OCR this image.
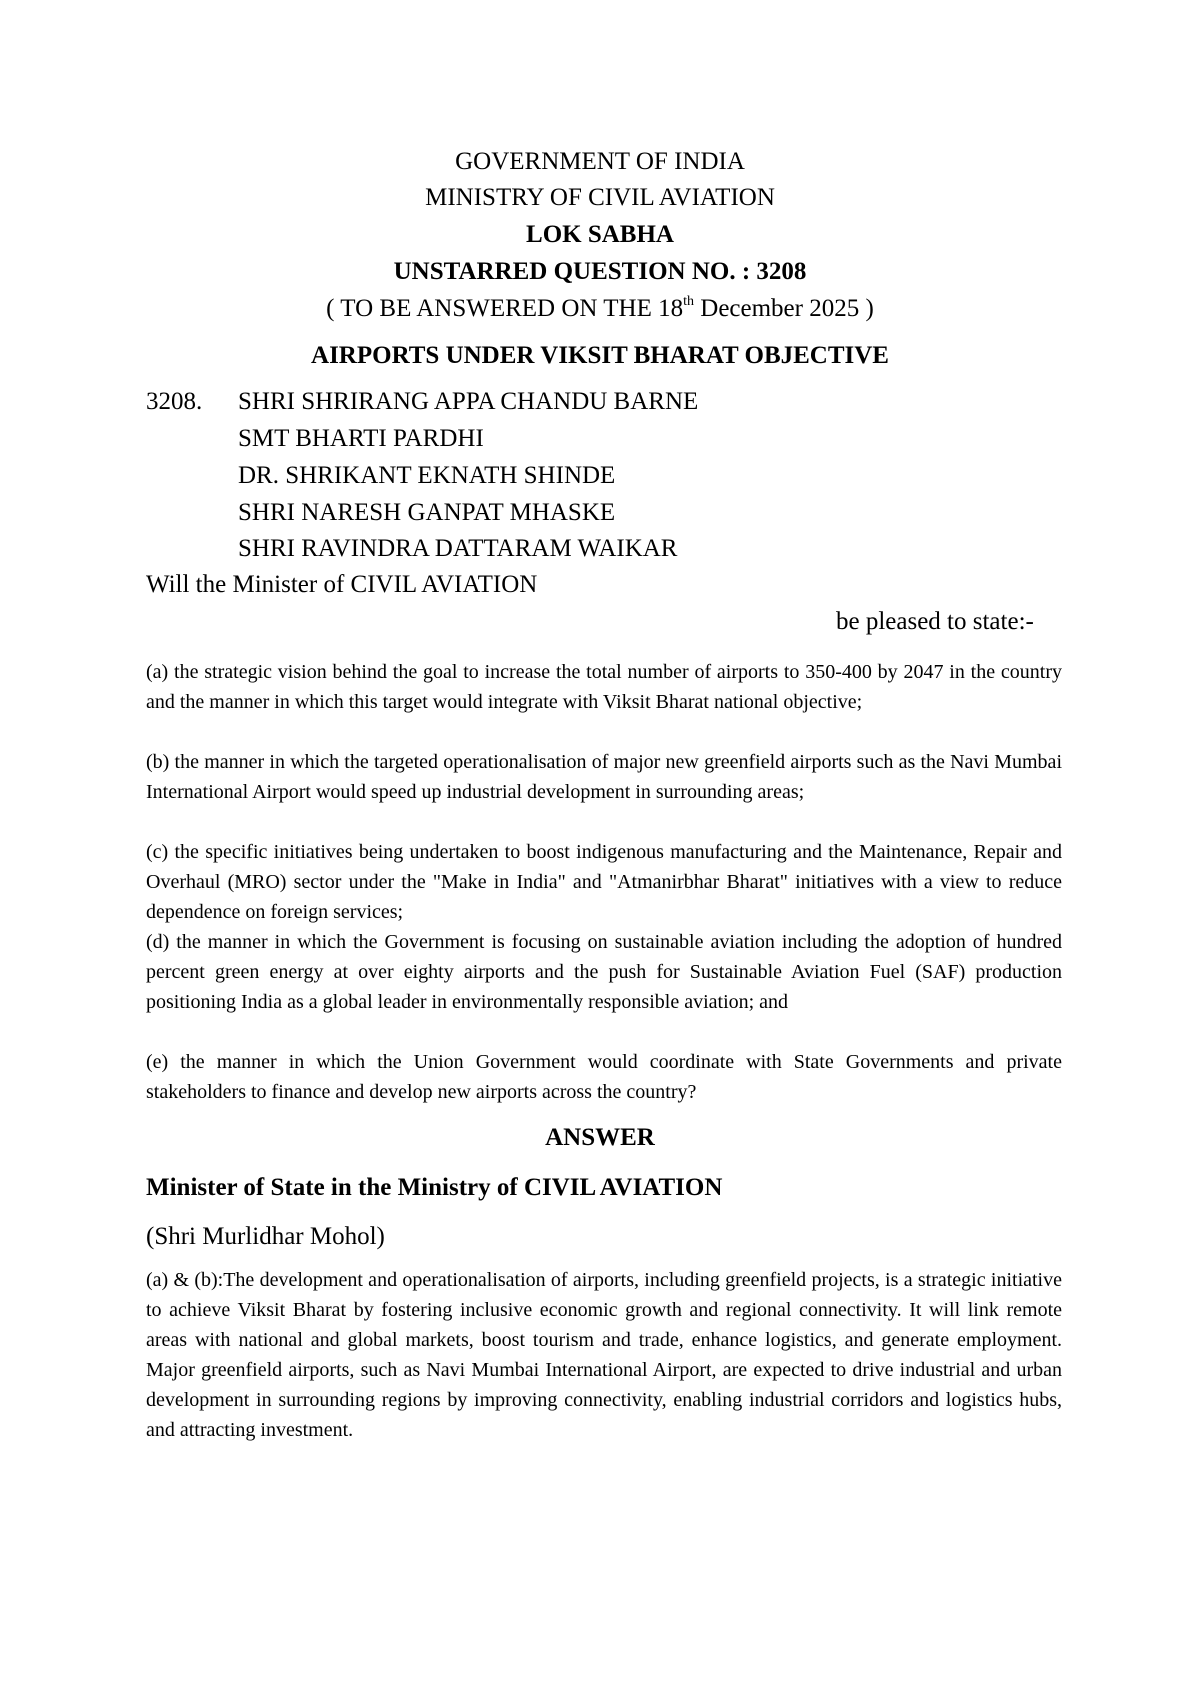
GOVERNMENT OF INDIA
MINISTRY OF CIVIL AVIATION
LOK SABHA
UNSTARRED QUESTION NO. : 3208
( TO BE ANSWERED ON THE 18th December 2025 )
AIRPORTS UNDER VIKSIT BHARAT OBJECTIVE
3208. SHRI SHRIRANG APPA CHANDU BARNE
SMT BHARTI PARDHI
DR. SHRIKANT EKNATH SHINDE
SHRI NARESH GANPAT MHASKE
SHRI RAVINDRA DATTARAM WAIKAR
Will the Minister of CIVIL AVIATION
be pleased to state:-
(a) the strategic vision behind the goal to increase the total number of airports to 350-400 by 2047 in the country and the manner in which this target would integrate with Viksit Bharat national objective;
(b) the manner in which the targeted operationalisation of major new greenfield airports such as the Navi Mumbai International Airport would speed up industrial development in surrounding areas;
(c) the specific initiatives being undertaken to boost indigenous manufacturing and the Maintenance, Repair and Overhaul (MRO) sector under the "Make in India" and "Atmanirbhar Bharat" initiatives with a view to reduce dependence on foreign services;
(d) the manner in which the Government is focusing on sustainable aviation including the adoption of hundred percent green energy at over eighty airports and the push for Sustainable Aviation Fuel (SAF) production positioning India as a global leader in environmentally responsible aviation; and
(e) the manner in which the Union Government would coordinate with State Governments and private stakeholders to finance and develop new airports across the country?
ANSWER
Minister of State in the Ministry of CIVIL AVIATION
(Shri Murlidhar Mohol)
(a) & (b):The development and operationalisation of airports, including greenfield projects, is a strategic initiative to achieve Viksit Bharat by fostering inclusive economic growth and regional connectivity. It will link remote areas with national and global markets, boost tourism and trade, enhance logistics, and generate employment. Major greenfield airports, such as Navi Mumbai International Airport, are expected to drive industrial and urban development in surrounding regions by improving connectivity, enabling industrial corridors and logistics hubs, and attracting investment.
